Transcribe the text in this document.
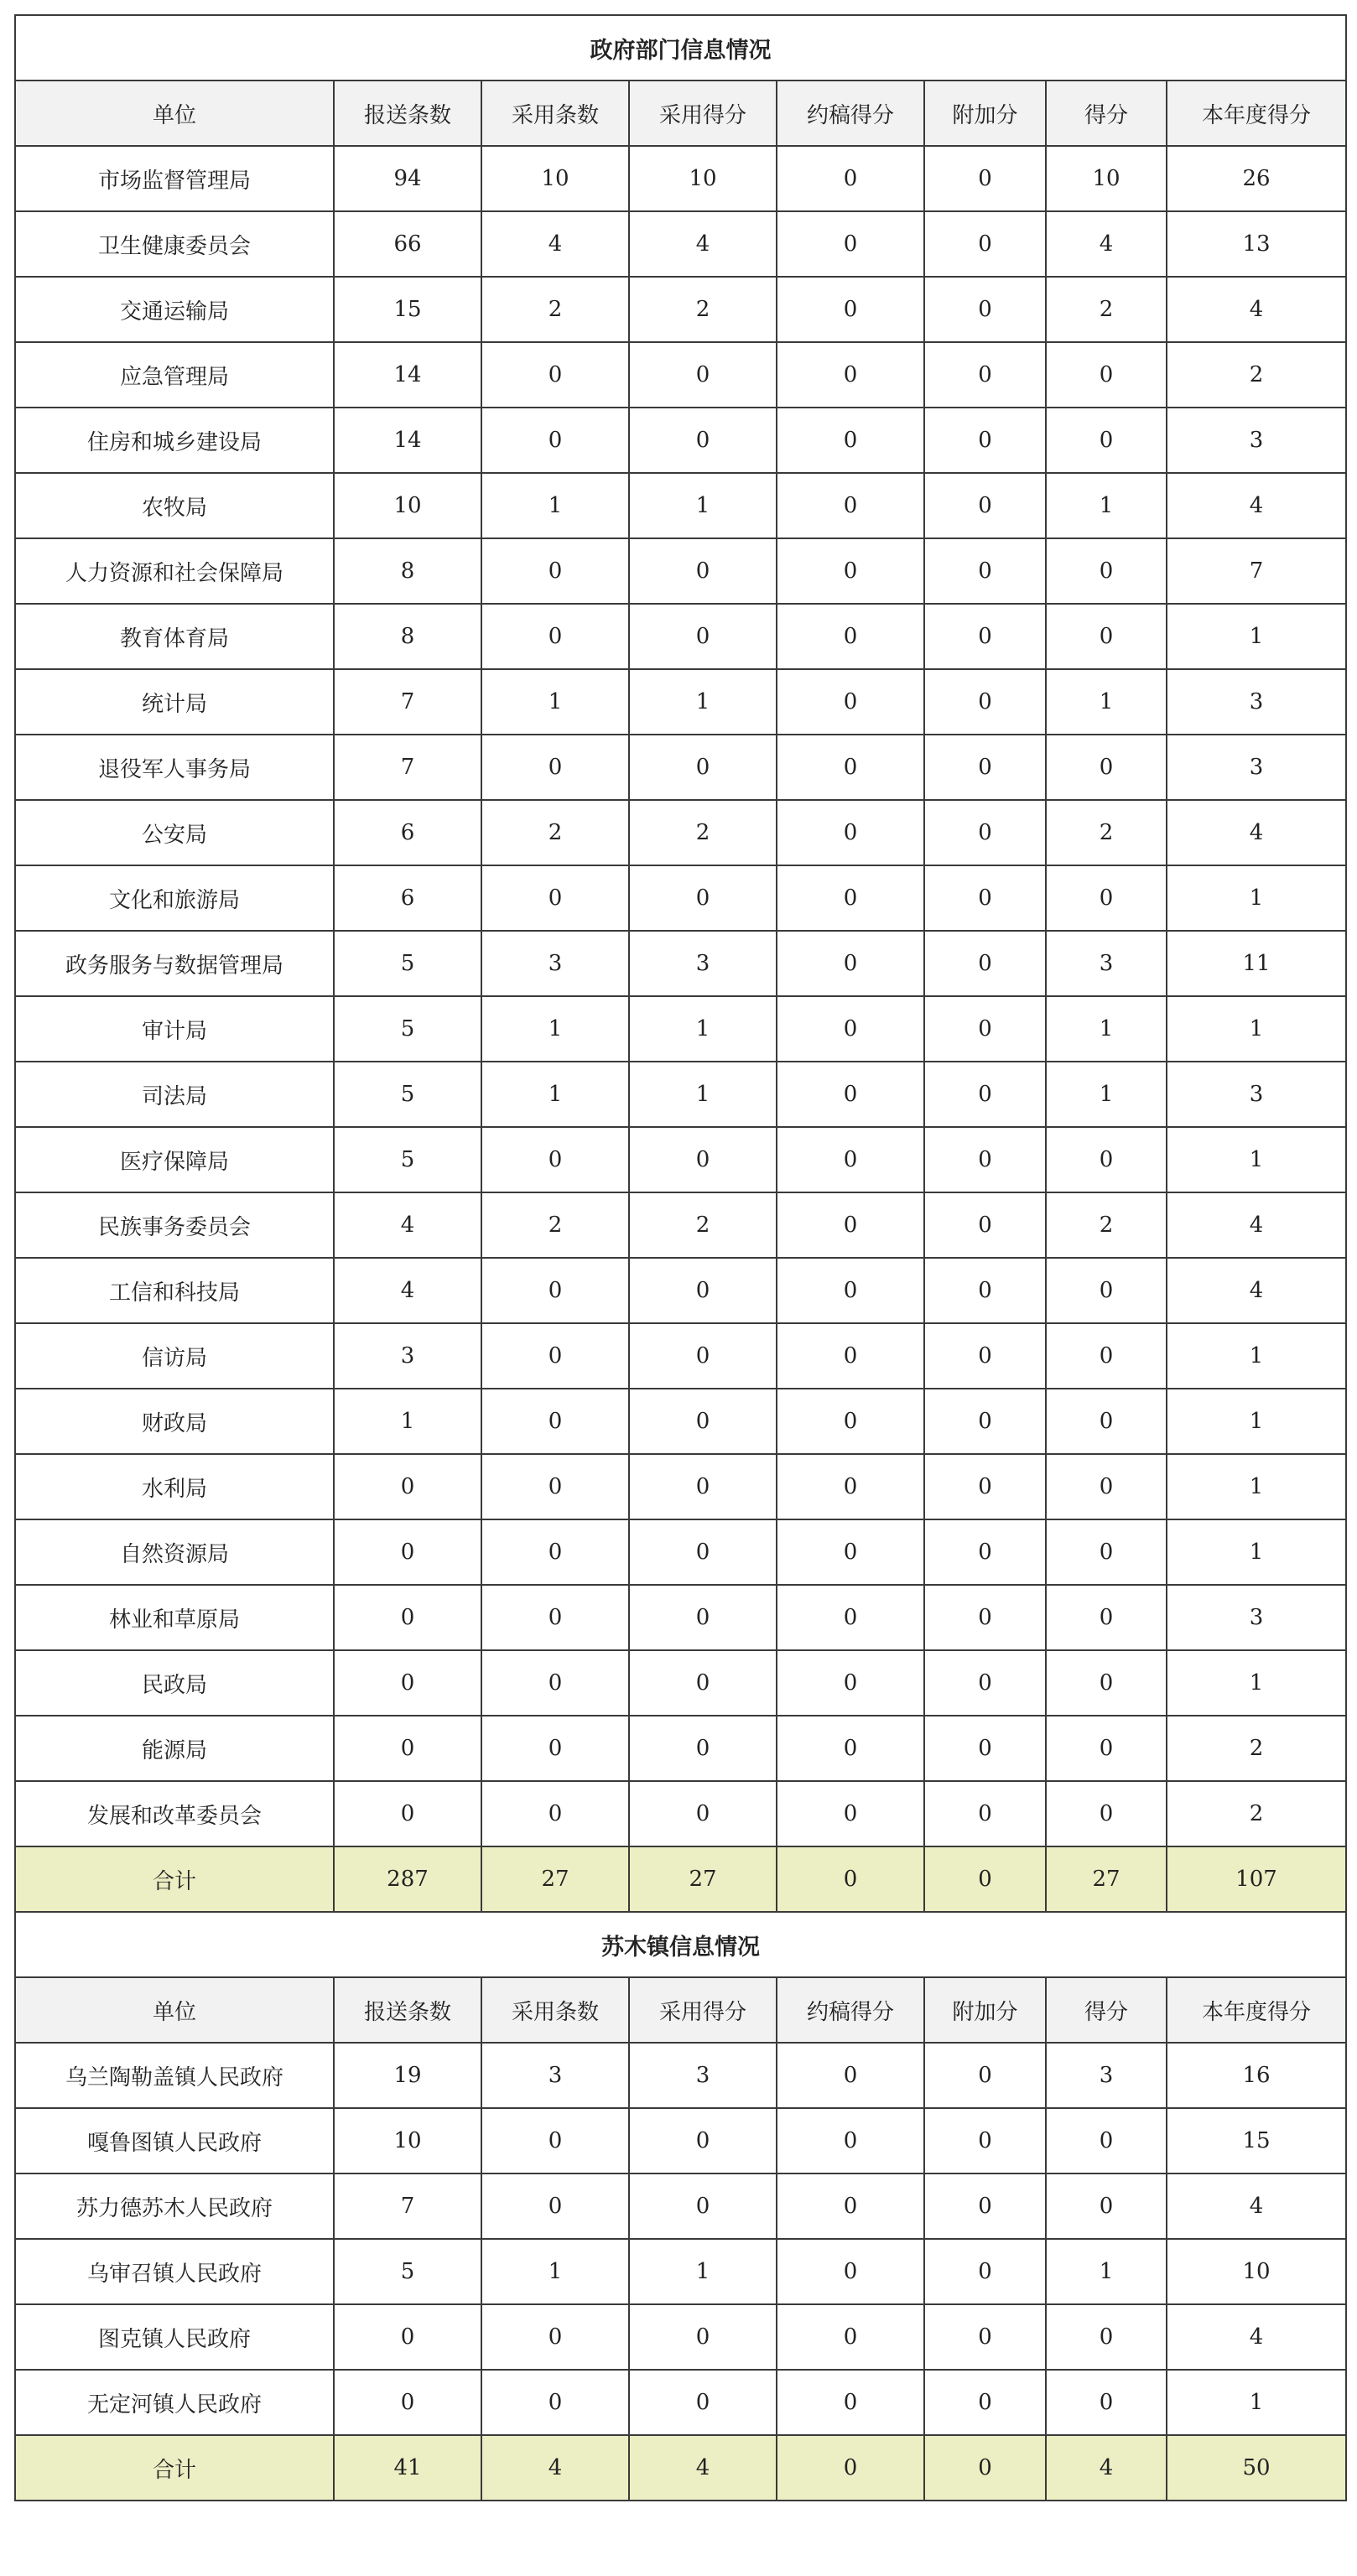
政府部门信息情况							
单位	报送条数	采用条数	采用得分	约稿得分	附加分	得分	本年度得分
市场监督管理局	94	10	10	0	0	10	26
卫生健康委员会	66	4	4	0	0	4	13
交通运输局	15	2	2	0	0	2	4
应急管理局	14	0	0	0	0	0	2
住房和城乡建设局	14	0	0	0	0	0	3
农牧局	10	1	1	0	0	1	4
人力资源和社会保障局	8	0	0	0	0	0	7
教育体育局	8	0	0	0	0	0	1
统计局	7	1	1	0	0	1	3
退役军人事务局	7	0	0	0	0	0	3
公安局	6	2	2	0	0	2	4
文化和旅游局	6	0	0	0	0	0	1
政务服务与数据管理局	5	3	3	0	0	3	11
审计局	5	1	1	0	0	1	1
司法局	5	1	1	0	0	1	3
医疗保障局	5	0	0	0	0	0	1
民族事务委员会	4	2	2	0	0	2	4
工信和科技局	4	0	0	0	0	0	4
信访局	3	0	0	0	0	0	1
财政局	1	0	0	0	0	0	1
水利局	0	0	0	0	0	0	1
自然资源局	0	0	0	0	0	0	1
林业和草原局	0	0	0	0	0	0	3
民政局	0	0	0	0	0	0	1
能源局	0	0	0	0	0	0	2
发展和改革委员会	0	0	0	0	0	0	2
合计	287	27	27	0	0	27	107
苏木镇信息情况							
单位	报送条数	采用条数	采用得分	约稿得分	附加分	得分	本年度得分
乌兰陶勒盖镇人民政府	19	3	3	0	0	3	16
嘎鲁图镇人民政府	10	0	0	0	0	0	15
苏力德苏木人民政府	7	0	0	0	0	0	4
乌审召镇人民政府	5	1	1	0	0	1	10
图克镇人民政府	0	0	0	0	0	0	4
无定河镇人民政府	0	0	0	0	0	0	1
合计	41	4	4	0	0	4	50
